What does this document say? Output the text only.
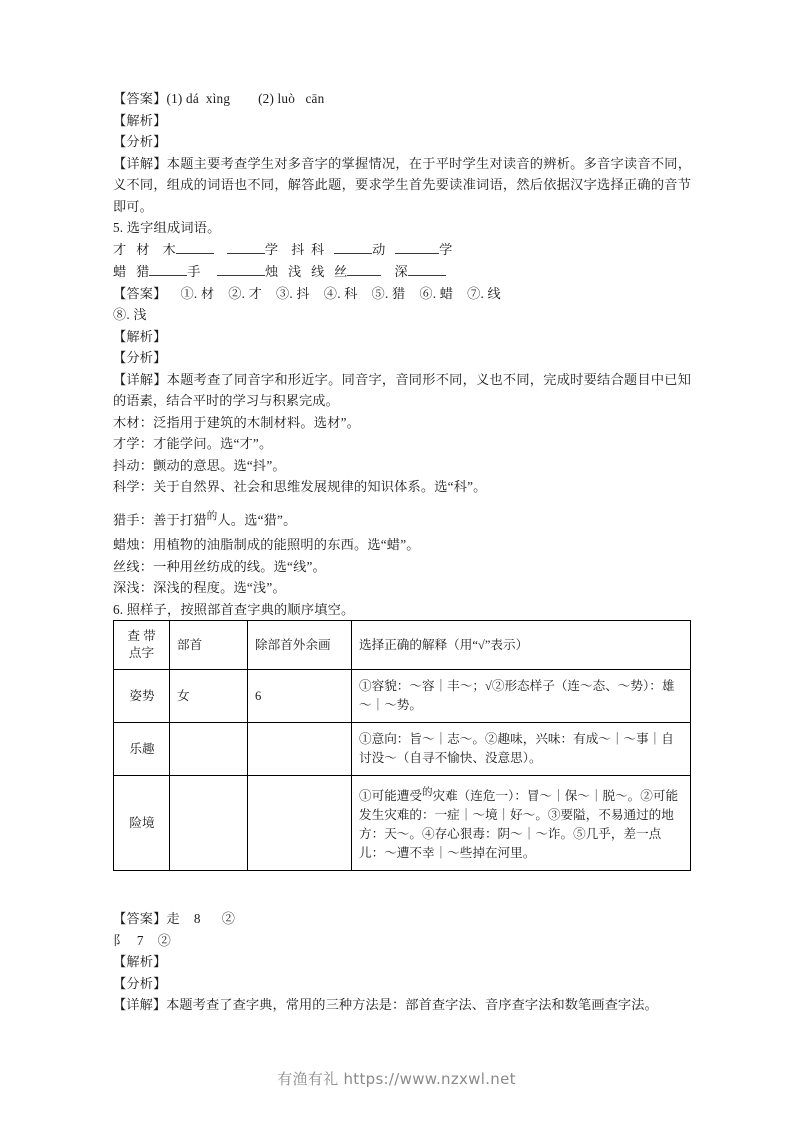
【答案】(1) dá  xìng        (2) luò   cān
【解析】
【分析】
【详解】本题主要考查学生对多音字的掌握情况，在于平时学生对读音的辨析。多音字读音不同，义不同，组成的词语也不同，解答此题，要求学生首先要读准词语，然后依据汉字选择正确的音节即可。
5. 选字组成词语。
才 材 木	学 抖 科	动	学
蜡 猎	手	烛 浅 线 丝	深
【答案】    ①. 材    ②. 才    ③. 抖    ④. 科    ⑤. 猎    ⑥. 蜡    ⑦. 线
⑧. 浅
【解析】
【分析】
【详解】本题考查了同音字和形近字。同音字，音同形不同，义也不同，完成时要结合题目中已知的语素，结合平时的学习与积累完成。
木材：泛指用于建筑的木制材料。选材”。
才学：才能学问。选“才”。
抖动：颤动的意思。选“抖”。
科学：关于自然界、社会和思维发展规律的知识体系。选“科”。
猎手：善于打猎$^的$人。选“猎”。
蜡烛：用植物的油脂制成的能照明的东西。选“蜡”。
丝线：一种用丝纺成的线。选“线”。
深浅：深浅的程度。选“浅”。
6. 照样子，按照部首查字典的顺序填空。
查 带
点字	部首	除部首外余画	选择正确的解释（用“√”表示）
姿势	女	6	①容貌：～容｜丰～；√②形态样子（连～态、～势）：雄～｜～势。
乐趣			①意向：旨～｜志～。②趣味，兴味：有成～｜～事｜自讨没～（自寻不愉快、没意思）。
险境			①可能遭受$^的$灾难（连危一）：冒～｜保～｜脱～。②可能发生灾难的：一症｜～境｜好～。③要隘，不易通过的地方：天～。④存心狠毒：阴～｜～诈。⑤几乎，差一点儿：～遭不幸｜～些掉在河里。
【答案】走    8      ②
阝   7    ②
【解析】
【分析】
【详解】本题考查了查字典，常用的三种方法是：部首查字法、音序查字法和数笔画查字法。
有渔有礼 https://www.nzxwl.net
